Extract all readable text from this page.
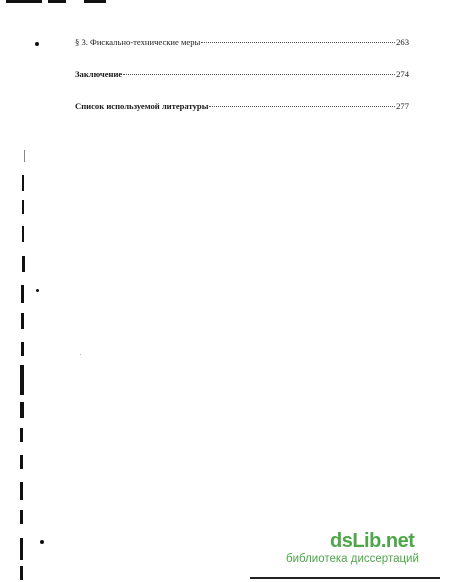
§ 3. Фискально-технические меры	263
Заключение	274
Список используемой литературы	277
dsLib.net
библиотека диссертаций
